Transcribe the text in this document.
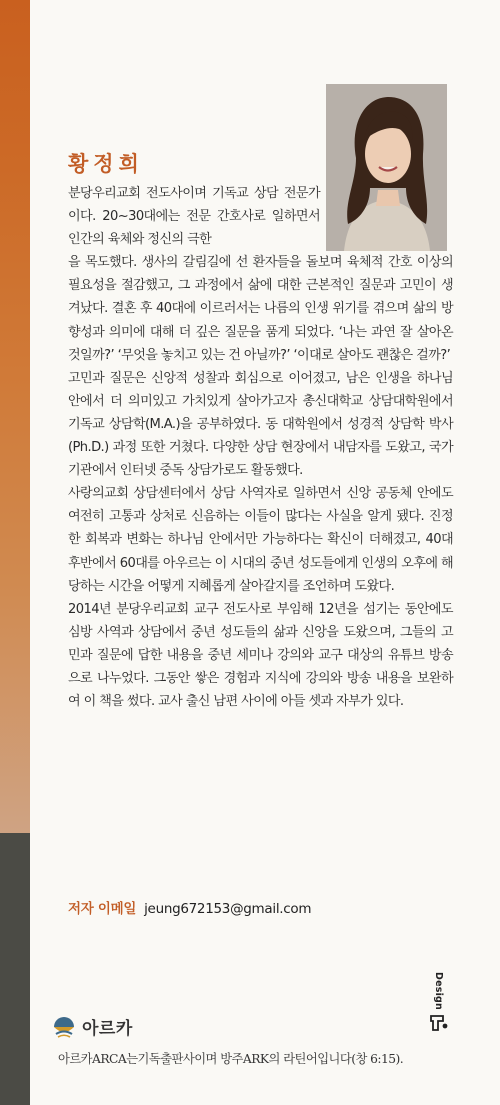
황정희

분당우리교회 전도사이며 기독교 상담 전문가이다. 20~30대에는 전문 간호사로 일하면서 인간의 육체와 정신의 극한
을 목도했다. 생사의 갈림길에 선 환자들을 돌보며 육체적 간호 이상의 필요성을 절감했고, 그 과정에서 삶에 대한 근본적인 질문과 고민이 생겨났다. 결혼 후 40대에 이르러서는 나름의 인생 위기를 겪으며 삶의 방향성과 의미에 대해 더 깊은 질문을 품게 되었다. ‘나는 과연 잘 살아온 것일까?’ ‘무엇을 놓치고 있는 건 아닐까?’ ‘이대로 살아도 괜찮은 걸까?’

고민과 질문은 신앙적 성찰과 회심으로 이어졌고, 남은 인생을 하나님 안에서 더 의미있고 가치있게 살아가고자 총신대학교 상담대학원에서 기독교 상담학(M.A.)을 공부하였다. 동 대학원에서 성경적 상담학 박사(Ph.D.) 과정 또한 거쳤다. 다양한 상담 현장에서 내담자를 도왔고, 국가기관에서 인터넷 중독 상담가로도 활동했다.

사랑의교회 상담센터에서 상담 사역자로 일하면서 신앙 공동체 안에도 여전히 고통과 상처로 신음하는 이들이 많다는 사실을 알게 됐다. 진정한 회복과 변화는 하나님 안에서만 가능하다는 확신이 더해졌고, 40대 후반에서 60대를 아우르는 이 시대의 중년 성도들에게 인생의 오후에 해당하는 시간을 어떻게 지혜롭게 살아갈지를 조언하며 도왔다.

2014년 분당우리교회 교구 전도사로 부임해 12년을 섬기는 동안에도 심방 사역과 상담에서 중년 성도들의 삶과 신앙을 도왔으며, 그들의 고민과 질문에 답한 내용을 중년 세미나 강의와 교구 대상의 유튜브 방송으로 나누었다. 그동안 쌓은 경험과 지식에 강의와 방송 내용을 보완하여 이 책을 썼다. 교사 출신 남편 사이에 아들 셋과 자부가 있다.

저자 이메일 jeung672153@gmail.com
Design
아르카

아르카ARCA는기독출판사이며 방주ARK의 라틴어입니다(창 6:15).
